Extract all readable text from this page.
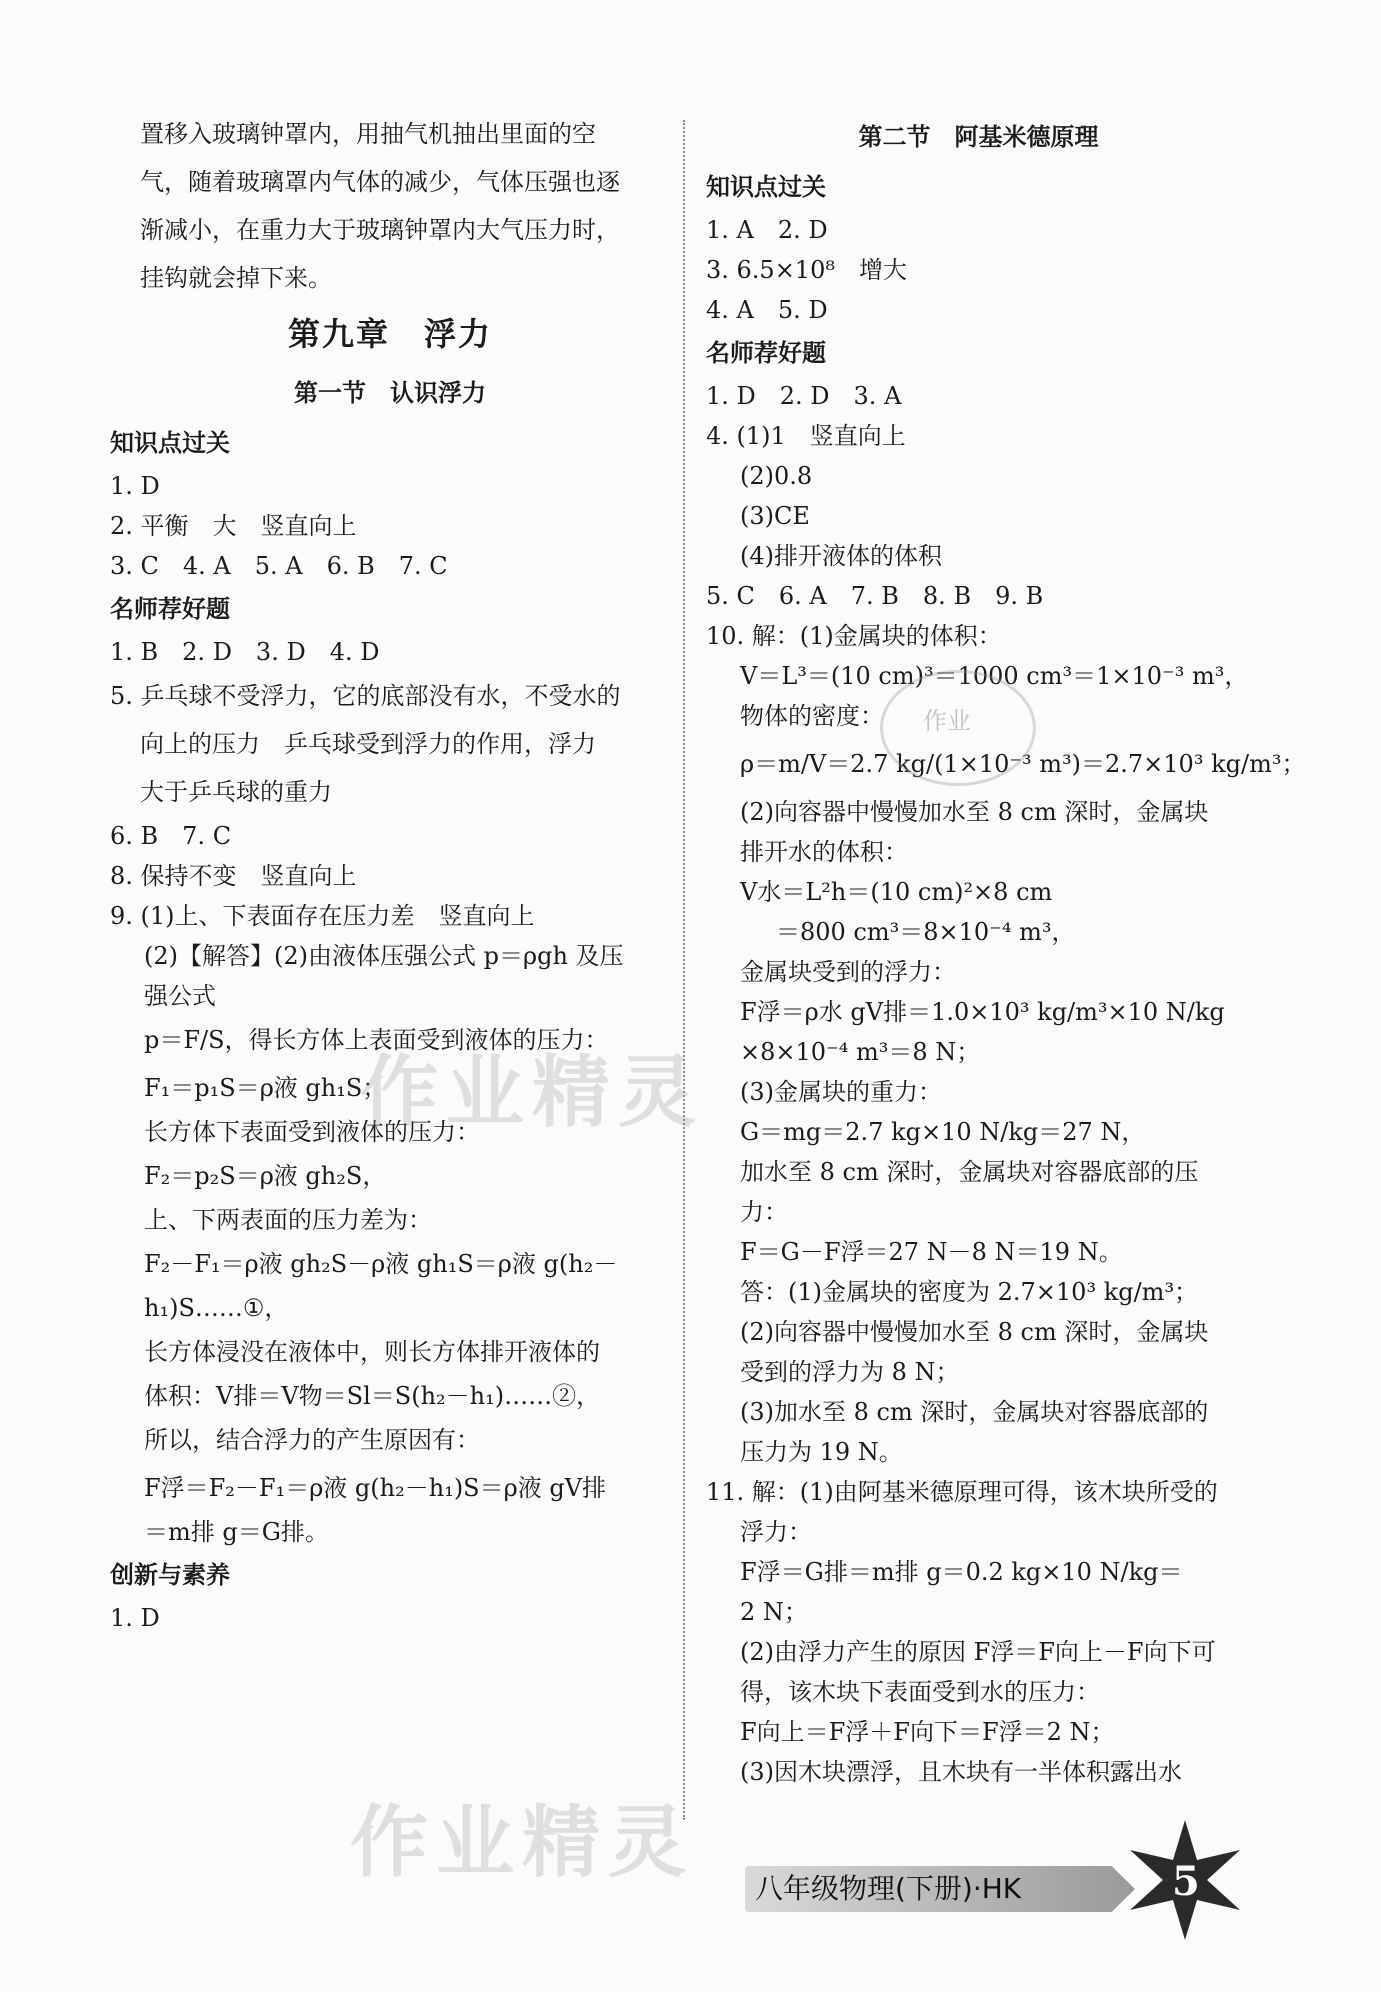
置移入玻璃钟罩内，用抽气机抽出里面的空
气，随着玻璃罩内气体的减少，气体压强也逐
渐减小，在重力大于玻璃钟罩内大气压力时，
挂钩就会掉下来。
第九章　浮力
第一节　认识浮力
知识点过关
1. D
2. 平衡　大　竖直向上
3. C　4. A　5. A　6. B　7. C
名师荐好题
1. B　2. D　3. D　4. D
5. 乒乓球不受浮力，它的底部没有水，不受水的
向上的压力　乒乓球受到浮力的作用，浮力
大于乒乓球的重力
6. B　7. C
8. 保持不变　竖直向上
9. (1)上、下表面存在压力差　竖直向上
(2)【解答】(2)由液体压强公式 p＝ρgh 及压
强公式
p＝F/S，得长方体上表面受到液体的压力：
F₁＝p₁S＝ρ液 gh₁S；
长方体下表面受到液体的压力：
F₂＝p₂S＝ρ液 gh₂S，
上、下两表面的压力差为：
F₂－F₁＝ρ液 gh₂S－ρ液 gh₁S＝ρ液 g(h₂－
h₁)S……①，
长方体浸没在液体中，则长方体排开液体的
体积：V排＝V物＝Sl＝S(h₂－h₁)……②，
所以，结合浮力的产生原因有：
F浮＝F₂－F₁＝ρ液 g(h₂－h₁)S＝ρ液 gV排
＝m排 g＝G排。
创新与素养
1. D
第二节　阿基米德原理
知识点过关
1. A　2. D
3. 6.5×10⁸　增大
4. A　5. D
名师荐好题
1. D　2. D　3. A
4. (1)1　竖直向上
(2)0.8
(3)CE
(4)排开液体的体积
5. C　6. A　7. B　8. B　9. B
10. 解：(1)金属块的体积：
V＝L³＝(10 cm)³＝1000 cm³＝1×10⁻³ m³，
物体的密度：
ρ＝m/V＝2.7 kg/(1×10⁻³ m³)＝2.7×10³ kg/m³；
(2)向容器中慢慢加水至 8 cm 深时，金属块
排开水的体积：
V水＝L²h＝(10 cm)²×8 cm
＝800 cm³＝8×10⁻⁴ m³，
金属块受到的浮力：
F浮＝ρ水 gV排＝1.0×10³ kg/m³×10 N/kg
×8×10⁻⁴ m³＝8 N；
(3)金属块的重力：
G＝mg＝2.7 kg×10 N/kg＝27 N，
加水至 8 cm 深时，金属块对容器底部的压
力：
F＝G－F浮＝27 N－8 N＝19 N。
答：(1)金属块的密度为 2.7×10³ kg/m³；
(2)向容器中慢慢加水至 8 cm 深时，金属块
受到的浮力为 8 N；
(3)加水至 8 cm 深时，金属块对容器底部的
压力为 19 N。
11. 解：(1)由阿基米德原理可得，该木块所受的
浮力：
F浮＝G排＝m排 g＝0.2 kg×10 N/kg＝
2 N；
(2)由浮力产生的原因 F浮＝F向上－F向下可
得，该木块下表面受到水的压力：
F向上＝F浮＋F向下＝F浮＝2 N；
(3)因木块漂浮，且木块有一半体积露出水
作业精灵
作业精灵
作业
八年级物理(下册)·HK	5
